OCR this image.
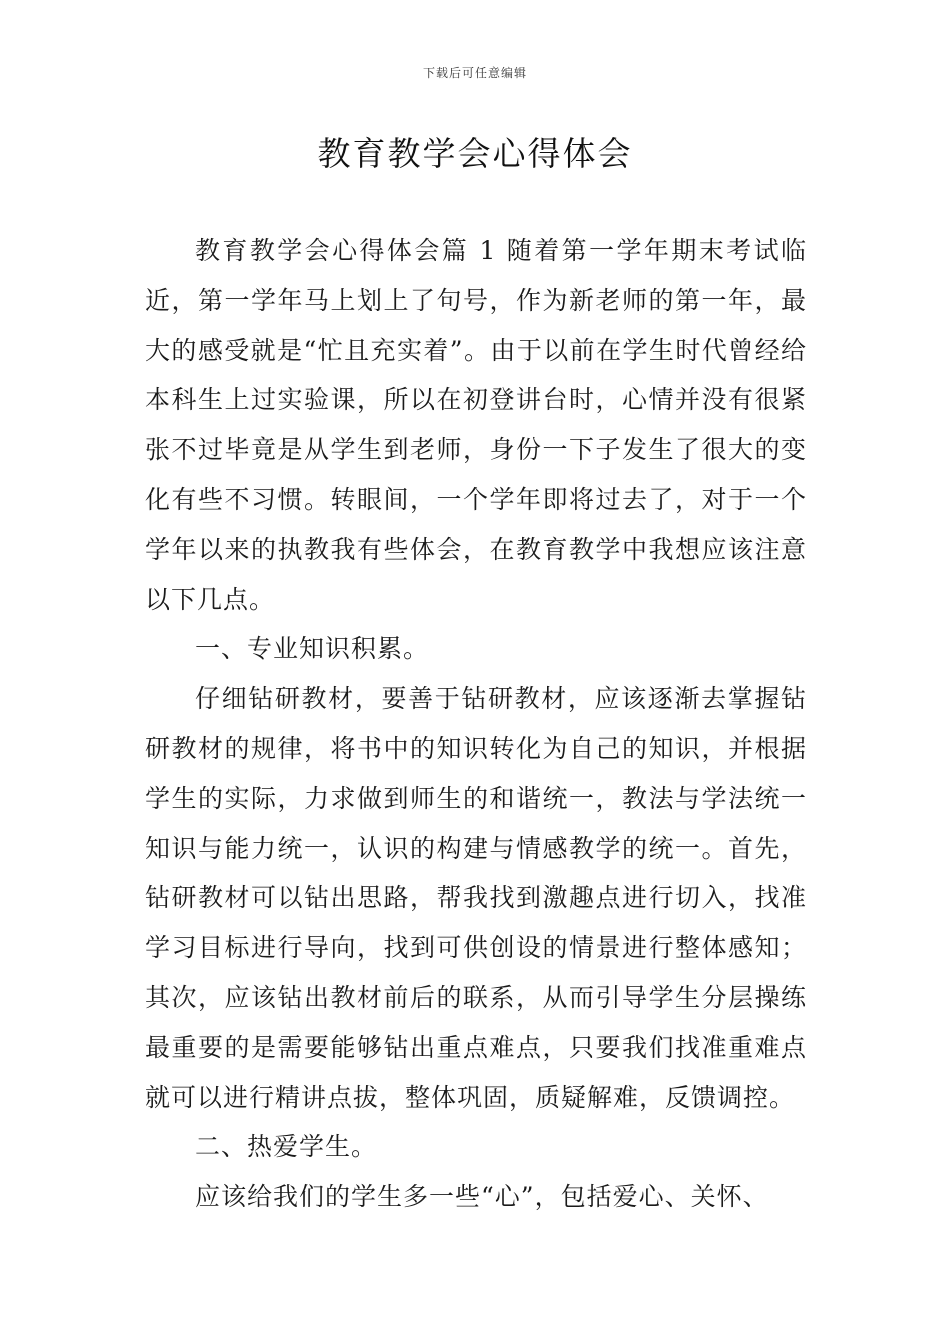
下载后可任意编辑
教育教学会心得体会

教育教学会心得体会篇 1 随着第一学年期末考试临近，第一学年马上划上了句号，作为新老师的第一年，最大的感受就是“忙且充实着”。由于以前在学生时代曾经给本科生上过实验课，所以在初登讲台时，心情并没有很紧张不过毕竟是从学生到老师，身份一下子发生了很大的变化有些不习惯。转眼间，一个学年即将过去了，对于一个学年以来的执教我有些体会，在教育教学中我想应该注意以下几点。

一、专业知识积累。

仔细钻研教材，要善于钻研教材，应该逐渐去掌握钻研教材的规律，将书中的知识转化为自己的知识，并根据学生的实际，力求做到师生的和谐统一，教法与学法统一知识与能力统一，认识的构建与情感教学的统一。首先，钻研教材可以钻出思路，帮我找到激趣点进行切入，找准学习目标进行导向，找到可供创设的情景进行整体感知；其次，应该钻出教材前后的联系，从而引导学生分层操练最重要的是需要能够钻出重点难点，只要我们找准重难点就可以进行精讲点拔，整体巩固，质疑解难，反馈调控。

二、热爱学生。

应该给我们的学生多一些“心”，包括爱心、关怀、
